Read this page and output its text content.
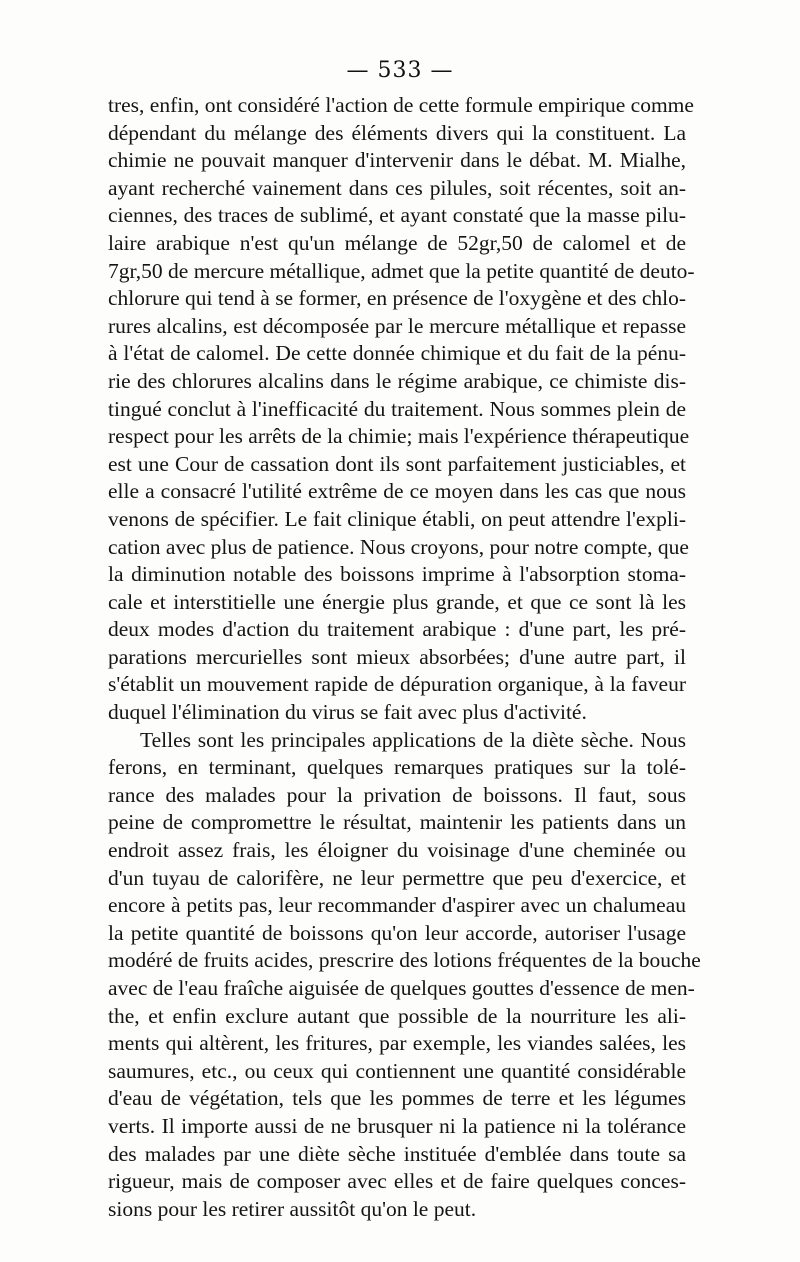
— 533 —
tres, enfin, ont considéré l'action de cette formule empirique comme
dépendant du mélange des éléments divers qui la constituent. La
chimie ne pouvait manquer d'intervenir dans le débat. M. Mialhe,
ayant recherché vainement dans ces pilules, soit récentes, soit an-
ciennes, des traces de sublimé, et ayant constaté que la masse pilu-
laire arabique n'est qu'un mélange de 52gr,50 de calomel et de
7gr,50 de mercure métallique, admet que la petite quantité de deuto-
chlorure qui tend à se former, en présence de l'oxygène et des chlo-
rures alcalins, est décomposée par le mercure métallique et repasse
à l'état de calomel. De cette donnée chimique et du fait de la pénu-
rie des chlorures alcalins dans le régime arabique, ce chimiste dis-
tingué conclut à l'inefficacité du traitement. Nous sommes plein de
respect pour les arrêts de la chimie; mais l'expérience thérapeutique
est une Cour de cassation dont ils sont parfaitement justiciables, et
elle a consacré l'utilité extrême de ce moyen dans les cas que nous
venons de spécifier. Le fait clinique établi, on peut attendre l'expli-
cation avec plus de patience. Nous croyons, pour notre compte, que
la diminution notable des boissons imprime à l'absorption stoma-
cale et interstitielle une énergie plus grande, et que ce sont là les
deux modes d'action du traitement arabique : d'une part, les pré-
parations mercurielles sont mieux absorbées; d'une autre part, il
s'établit un mouvement rapide de dépuration organique, à la faveur
duquel l'élimination du virus se fait avec plus d'activité.
Telles sont les principales applications de la diète sèche. Nous
ferons, en terminant, quelques remarques pratiques sur la tolé-
rance des malades pour la privation de boissons. Il faut, sous
peine de compromettre le résultat, maintenir les patients dans un
endroit assez frais, les éloigner du voisinage d'une cheminée ou
d'un tuyau de calorifère, ne leur permettre que peu d'exercice, et
encore à petits pas, leur recommander d'aspirer avec un chalumeau
la petite quantité de boissons qu'on leur accorde, autoriser l'usage
modéré de fruits acides, prescrire des lotions fréquentes de la bouche
avec de l'eau fraîche aiguisée de quelques gouttes d'essence de men-
the, et enfin exclure autant que possible de la nourriture les ali-
ments qui altèrent, les fritures, par exemple, les viandes salées, les
saumures, etc., ou ceux qui contiennent une quantité considérable
d'eau de végétation, tels que les pommes de terre et les légumes
verts. Il importe aussi de ne brusquer ni la patience ni la tolérance
des malades par une diète sèche instituée d'emblée dans toute sa
rigueur, mais de composer avec elles et de faire quelques conces-
sions pour les retirer aussitôt qu'on le peut.
